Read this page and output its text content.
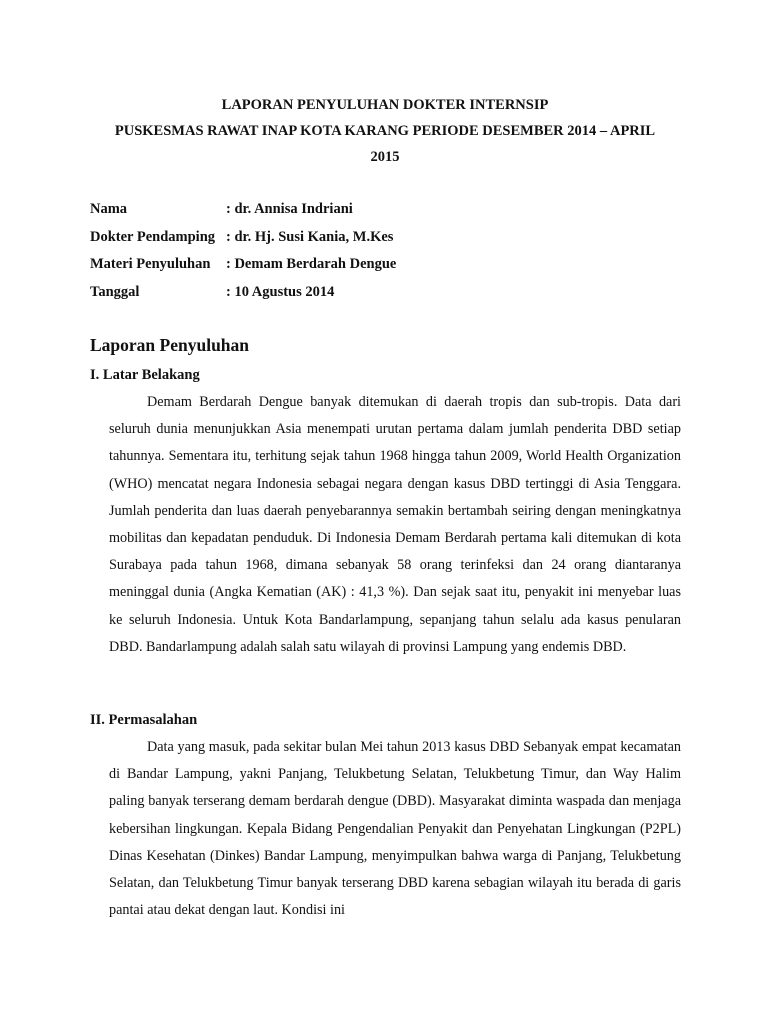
LAPORAN PENYULUHAN DOKTER INTERNSIP
PUSKESMAS RAWAT INAP KOTA KARANG PERIODE DESEMBER 2014 – APRIL
2015
Nama	: dr. Annisa Indriani
Dokter Pendamping : dr. Hj. Susi Kania, M.Kes
Materi Penyuluhan : Demam Berdarah Dengue
Tanggal	: 10 Agustus 2014
Laporan Penyuluhan
I. Latar Belakang
Demam Berdarah Dengue banyak ditemukan di daerah tropis dan sub-tropis. Data dari seluruh dunia menunjukkan Asia menempati urutan pertama dalam jumlah penderita DBD setiap tahunnya. Sementara itu, terhitung sejak tahun 1968 hingga tahun 2009, World Health Organization (WHO) mencatat negara Indonesia sebagai negara dengan kasus DBD tertinggi di Asia Tenggara. Jumlah penderita dan luas daerah penyebarannya semakin bertambah seiring dengan meningkatnya mobilitas dan kepadatan penduduk. Di Indonesia Demam Berdarah pertama kali ditemukan di kota Surabaya pada tahun 1968, dimana sebanyak 58 orang terinfeksi dan 24 orang diantaranya meninggal dunia (Angka Kematian (AK) : 41,3 %). Dan sejak saat itu, penyakit ini menyebar luas ke seluruh Indonesia. Untuk Kota Bandarlampung, sepanjang tahun selalu ada kasus penularan DBD. Bandarlampung adalah salah satu wilayah di provinsi Lampung yang endemis DBD.
II. Permasalahan
Data yang masuk, pada sekitar bulan Mei tahun 2013 kasus DBD Sebanyak empat kecamatan di Bandar Lampung, yakni Panjang, Telukbetung Selatan, Telukbetung Timur, dan Way Halim paling banyak terserang demam berdarah dengue (DBD). Masyarakat diminta waspada dan menjaga kebersihan lingkungan. Kepala Bidang Pengendalian Penyakit dan Penyehatan Lingkungan (P2PL) Dinas Kesehatan (Dinkes) Bandar Lampung, menyimpulkan bahwa warga di Panjang, Telukbetung Selatan, dan Telukbetung Timur banyak terserang DBD karena sebagian wilayah itu berada di garis pantai atau dekat dengan laut. Kondisi ini
